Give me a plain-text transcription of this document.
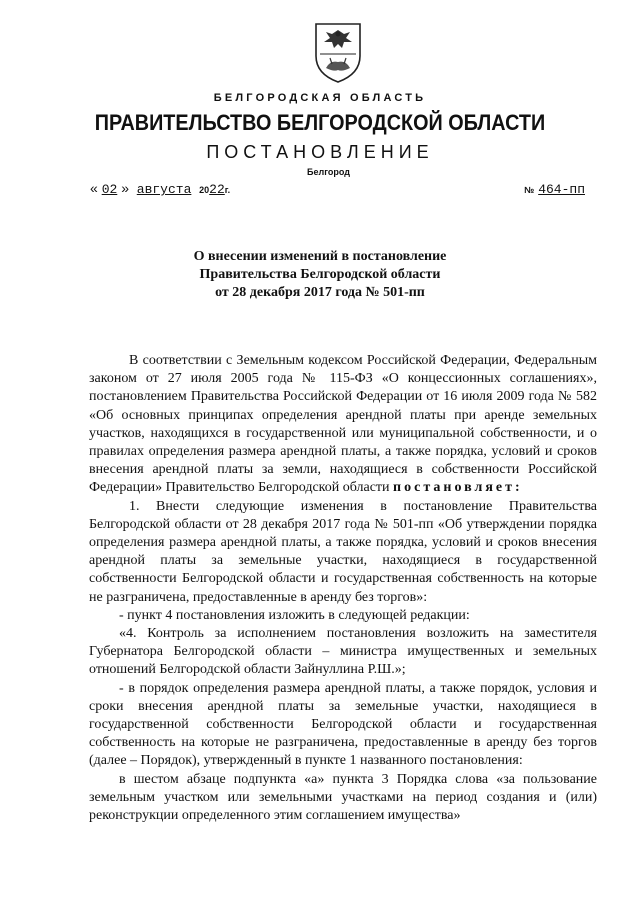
БЕЛГОРОДСКАЯ ОБЛАСТЬ
ПРАВИТЕЛЬСТВО БЕЛГОРОДСКОЙ ОБЛАСТИ
ПОСТАНОВЛЕНИЕ
Белгород
« 02 » августа 2022г.	№ 464-пп
О внесении изменений в постановление
Правительства Белгородской области
от 28 декабря 2017 года № 501-пп

В соответствии с Земельным кодексом Российской Федерации, Федеральным законом от 27 июля 2005 года № 115-ФЗ «О концессионных соглашениях», постановлением Правительства Российской Федерации от 16 июля 2009 года № 582 «Об основных принципах определения арендной платы при аренде земельных участков, находящихся в государственной или муниципальной собственности, и о правилах определения размера арендной платы, а также порядка, условий и сроков внесения арендной платы за земли, находящиеся в собственности Российской Федерации» Правительство Белгородской области постановляет:

1. Внести следующие изменения в постановление Правительства Белгородской области от 28 декабря 2017 года № 501-пп «Об утверждении порядка определения размера арендной платы, а также порядка, условий и сроков внесения арендной платы за земельные участки, находящиеся в государственной собственности Белгородской области и государственная собственность на которые не разграничена, предоставленные в аренду без торгов»:

- пункт 4 постановления изложить в следующей редакции:

«4. Контроль за исполнением постановления возложить на заместителя Губернатора Белгородской области – министра имущественных и земельных отношений Белгородской области Зайнуллина Р.Ш.»;

- в порядок определения размера арендной платы, а также порядок, условия и сроки внесения арендной платы за земельные участки, находящиеся в государственной собственности Белгородской области и государственная собственность на которые не разграничена, предоставленные в аренду без торгов (далее – Порядок), утвержденный в пункте 1 названного постановления:

в шестом абзаце подпункта «а» пункта 3 Порядка слова «за пользование земельным участком или земельными участками на период создания и (или) реконструкции определенного этим соглашением имущества»
